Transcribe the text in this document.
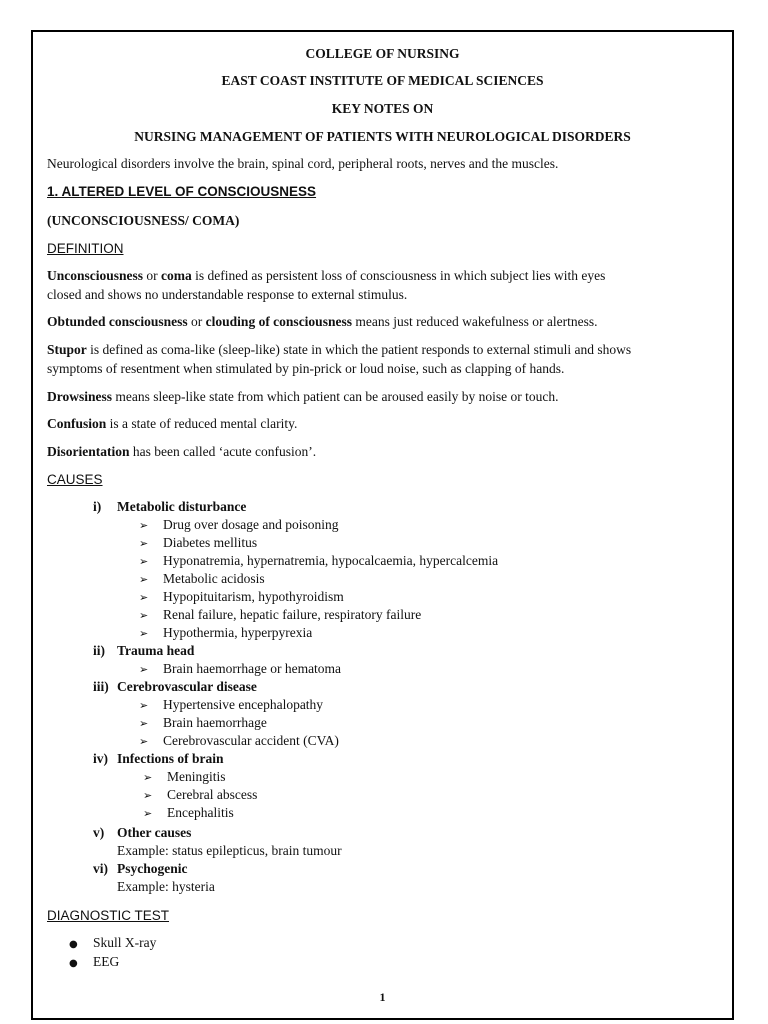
COLLEGE OF NURSING
EAST COAST INSTITUTE OF MEDICAL SCIENCES
KEY NOTES ON
NURSING MANAGEMENT OF PATIENTS WITH NEUROLOGICAL DISORDERS
Neurological disorders involve the brain, spinal cord, peripheral roots, nerves and the muscles.
1. ALTERED LEVEL OF CONSCIOUSNESS
(UNCONSCIOUSNESS/ COMA)
DEFINITION
Unconsciousness or coma is defined as persistent loss of consciousness in which subject lies with eyes
closed and shows no understandable response to external stimulus.
Obtunded consciousness or clouding of consciousness means just reduced wakefulness or alertness.
Stupor is defined as coma-like (sleep-like) state in which the patient responds to external stimuli and shows
symptoms of resentment when stimulated by pin-prick or loud noise, such as clapping of hands.
Drowsiness means sleep-like state from which patient can be aroused easily by noise or touch.
Confusion is a state of reduced mental clarity.
Disorientation has been called ‘acute confusion’.
CAUSES
i) Metabolic disturbance
➢ Drug over dosage and poisoning
➢ Diabetes mellitus
➢ Hyponatremia, hypernatremia, hypocalcaemia, hypercalcemia
➢ Metabolic acidosis
➢ Hypopituitarism, hypothyroidism
➢ Renal failure, hepatic failure, respiratory failure
➢ Hypothermia, hyperpyrexia
ii) Trauma head
➢ Brain haemorrhage or hematoma
iii) Cerebrovascular disease
➢ Hypertensive encephalopathy
➢ Brain haemorrhage
➢ Cerebrovascular accident (CVA)
iv) Infections of brain
➢ Meningitis
➢ Cerebral abscess
➢ Encephalitis
v) Other causes
Example: status epilepticus, brain tumour
vi) Psychogenic
Example: hysteria
DIAGNOSTIC TEST
● Skull X-ray
● EEG
1
